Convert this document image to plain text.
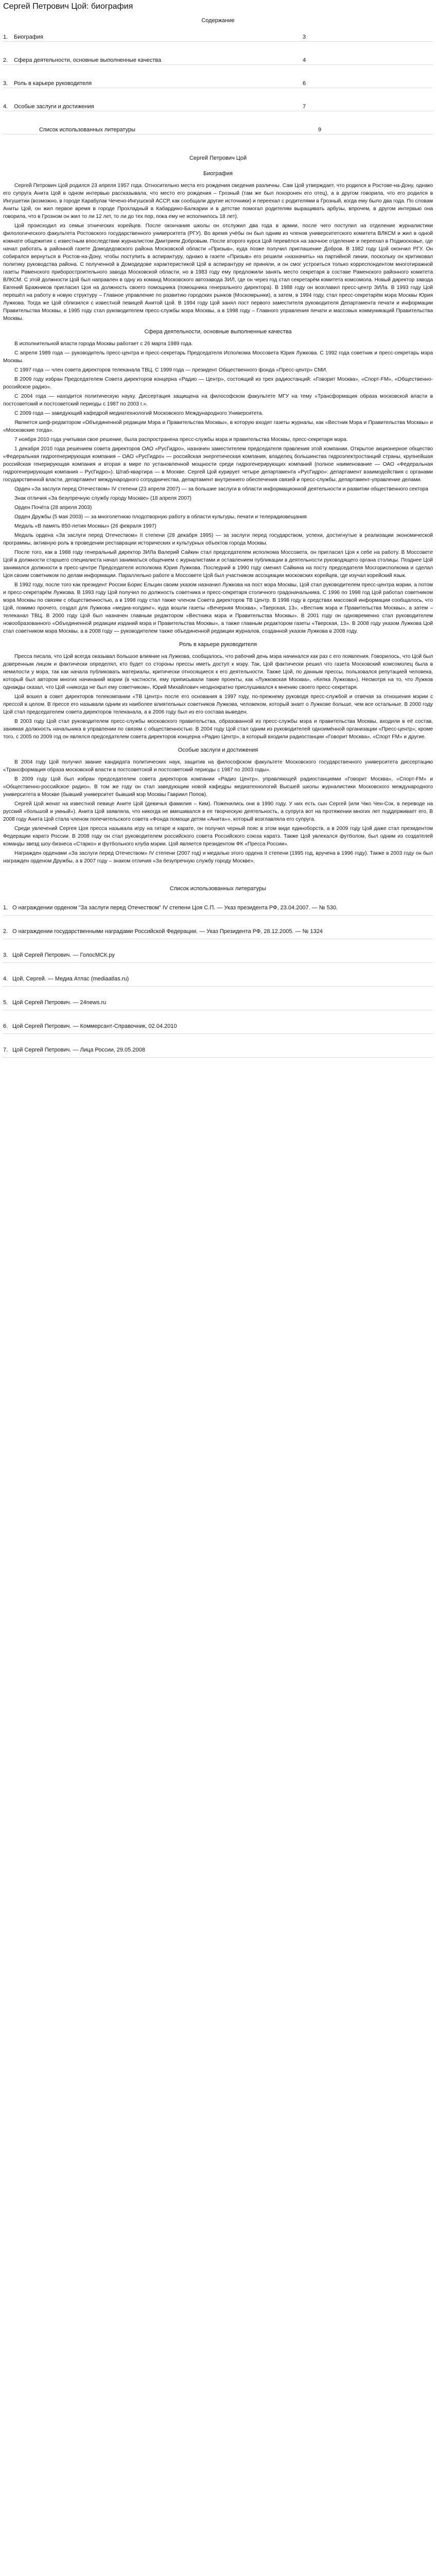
Сергей Петрович Цой: биография
Содержание
1. Биография	3
2. Сфера деятельности, основные выполненные качества	4
3. Роль в карьере руководителя	6
4. Особые заслуги и достижения	7
Список использованных литературы	9
Сергей Петрович Цой
Биография

Сергей Петрович Цой родился 23 апреля 1957 года. Относительно места его рождения сведения различны. Сам Цой утверждает, что родился в Ростове-на-Дону, однако его супруга Анита Цой в одном интервью рассказывала, что место его рождения – Грозный (там же был похоронен его отец), а в другом говорила, что его родился в Ингушетии (возможно, в городе Карабулак Чечено-Ингушской АССР, как сообщали другие источники) и переехал с родителями в Грозный, когда ему было два года. По словам Аниты Цой, он жил первое время в городе Прохладный в Кабардино-Балкарии и в детстве помогал родителям выращивать арбузы, впрочем, в другом интервью она говорила, что в Грозном он жил то ли 12 лет, то ли до тех пор, пока ему не исполнилось 18 лет).

Цой происходил из семьи этнических корейцев. После окончания школы он отслужил два года в армии, после чего поступил на отделение журналистики филологического факультета Ростовского государственного университета (РГУ). Во время учёбы он был одним из членов университетского комитета ВЛКСМ и жил в одной комнате общежития с известным впоследствии журналистом Дмитрием Добровым. После второго курса Цой перевёлся на заочное отделение и переехал в Подмосковье, где начал работать в районной газете Домодедовского района Московской области «Призыв», куда позже получил приглашение Добров. В 1982 году Цой окончил РГУ. Он собирался вернуться в Ростов-на-Дону, чтобы поступить в аспирантуру, однако в газете «Призыв» его решили «назначить» на партийной линии, поскольку он критиковал политику руководства района. С полученной в Домодедове характеристикой Цой в аспирантуру не приняли, и он смог устроиться только корреспондентом многотиражной газеты Раменского приборостроительного завода Московской области, но в 1983 году ему предложили занять место секретаря в составе Раменского районного комитета ВЛКСМ. С этой должности Цой был направлен в одну из команд Московского автозавода ЗИЛ, где он через год стал секретарём комитета комсомола. Новый директор завода Евгений Бражников пригласил Цоя на должность своего помощника (помощника генерального директора). В 1988 году он возглавил пресс-центр ЗИЛа. В 1993 году Цой перешёл на работу в новую структуру – Главное управление по развитию городских рынков (Москомрынки), а затем, в 1994 году, стал пресс-секретарём мэра Москвы Юрия Лужкова. Тогда же Цой сблизился с известной певицей Анитой Цой. В 1994 году Цой занял пост первого заместителя руководителя Департамента печати и информации Правительства Москвы, в 1995 году стал руководителем пресс-службы мэра Москвы, а в 1998 году – Главного управления печати и массовых коммуникаций Правительства Москвы.

Сфера деятельности, основные выполненные качества

В исполнительной власти города Москвы работает с 26 марта 1989 года.

С апреля 1989 года — руководитель пресс-центра и пресс-секретарь Председателя Исполкома Моссовета Юрия Лужкова. С 1992 года советник и пресс-секретарь мэра Москвы.

С 1997 года — член совета директоров телеканала ТВЦ. С 1999 года — президент Общественного фонда «Пресс-центр» СМИ.

В 2009 году избран Председателем Совета директоров концерна «Радио — Центр», состоящий из трех радиостанций: «Говорит Москва», «Спорт-FM», «Общественно-российское радио».

С 2004 года — находится политическую науку. Диссертация защищена на философском факультете МГУ на тему «Трансформация образа московской власти в постсоветский и постсоветский периоды с 1987 по 2003 г.».

С 2009 года — заведующий кафедрой медиатехнологий Московского Международного Университета.

Является шеф-редактором «Объединенной редакции Мэра и Правительства Москвы», в которую входят газеты журналы, как «Вестник Мэра и Правительства Москвы» и «Московские тогда».

7 ноября 2010 года учитывая свое решение, была распространена пресс-службы мэра и правительства Москвы, пресс-секретаря мэра.

1 декабря 2010 года решением совета директоров ОАО «РусГидро», назначен заместителем председателя правления этой компании. Открытое акционерное общество «Федеральная гидрогенерирующая компания – ОАО «РусГидро» — российская энергетическая компания, владелец большинства гидроэлектростанций страны, крупнейшая российская генерирующая компания и вторая в мире по установленной мощности среди гидрогенерирующих компаний (полное наименование — ОАО «Федеральная гидрогенерирующая компания – РусГидро»). Штаб-квартира — в Москве. Сергей Цой курирует четыре департамента «РусГидро»: департамент взаимодействия с органами государственной власти, департамент международного сотрудничества, департамент внутреннего обеспечения связей и пресс-службы, департамент-управление делами.

Орден «За заслуги перед Отечеством» IV степени (23 апреля 2007) — за большие заслуги в области информационной деятельности и развитии общественного сектора

Знак отличия «За безупречную службу городу Москве» (18 апреля 2007)

Орден Почёта (28 апреля 2003)

Орден Дружбы (5 мая 2003) — за многолетнюю плодотворную работу в области культуры, печати и телерадиовещания

Медаль «В память 850-летия Москвы» (26 февраля 1997)

Медаль ордена «За заслуги перед Отечеством» II степени (28 декабря 1995) — за заслуги перед государством, успехи, достигнутые в реализации экономической программы, активную роль в проведении реставрации исторических и культурных объектов города Москвы.

После того, как в 1988 году генеральный директор ЗИЛа Валерий Сайкин стал председателем исполкома Моссовета, он пригласил Цоя к себе на работу. В Моссовете Цой в должности старшего специалиста начал заниматься общением с журналистами и оставлением публикации в деятельности руководящего органа столицы. Позднее Цой занимался должности в пресс-центре Председателя исполкома Юрия Лужкова. Последний в 1990 году сменил Сайкина на посту председателя Мосгорисполкома и сделал Цоя своим советником по делам информации. Параллельно работе в Моссовете Цой был участником ассоциации московских корейцев, где изучал корейский язык.

В 1992 году, после того как президент России Борис Ельцин своим указом назначил Лужкова на пост мэра Москвы, Цой стал руководителем пресс-центра мэрии, а потом и пресс-секретарём Лужкова. В 1993 году Цой получил по должность советника и пресс-секретаря столичного градоначальника. С 1996 по 1998 год Цой работал советником мэра Москвы по связям с общественностью, а в 1998 году стал также членом Совета директоров ТВ Центр. В 1998 году в средствах массовой информации сообщалось, что Цой, помимо прочего, создал для Лужкова «медиа-холдинг», куда вошли газеты «Вечерняя Москва», «Тверская, 13», «Вестник мэра и Правительства Москвы», а затем – телеканал ТВЦ. В 2000 году Цой был назначен главным редактором «Вестника мэра и Правительства Москвы». В 2001 году он одновременно стал руководителем новообразованного «Объединенной редакции изданий мэра и Правительства Москвы», а также главным редактором газеты «Тверская, 13». В 2008 году указом Лужкова Цой стал советником мэра Москвы, а в 2008 году — руководителем также объединенной редакции журналов, созданной указом Лужкова в 2008 году.

Роль в карьере руководителя

Пресса писала, что Цой всегда оказывал большое влияние на Лужкова, сообщалось, что рабочий день мэра начинался как раз с его появления. Говорилось, что Цой был доверенным лицом и фактически определял, кто будет со стороны прессы иметь доступ к мэру. Так, Цой фактически решил что газета Московский комсомолец была в немилости у мэра, так как начала публиковать материалы, критически относящиеся к его деятельности. Также Цой, по данным прессы, пользовался репутацией человека, который был автором многих начинаний мэрии (в частности, ему приписывали такие проекты, как «Лужковская Москва», «Кепка Лужкова»). Несмотря на то, что Лужков однажды сказал, что Цой «никогда не был ему советчиком», Юрий Михайлович неоднократно прислушивался к мнению своего пресс-секретаря.

Цой вошел в совет директоров телекомпании «ТВ Центр» после его основания в 1997 году, по-прежнему руководя пресс-службой и отвечая за отношения мэрии с прессой в целом. В прессе его называли одним из наиболее влиятельных советников Лужкова, человеком, который знает о Лужкове больше, чем все остальные. В 2000 году Цой стал председателем совета директоров телеканала, а в 2006 году был из его состава выведен.

В 2003 году Цой стал руководителем пресс-службы московского правительства, образованной из пресс-службы мэра и правительства Москвы, входили в её состав, занимая должность начальника в управлении по связям с общественностью. В 2004 году Цой стал одним из руководителей одноимённой организации «Пресс-центр»; кроме того, с 2005 по 2009 год он являлся председателем совета директоров концерна «Радио Центр», в который входили радиостанции «Говорит Москва», «Спорт FM» и другие.

Особые заслуги и достижения

В 2004 году Цой получил звание кандидата политических наук, защитив на философском факультете Московского государственного университета диссертацию «Трансформация образа московской власти в постсоветской и постсоветский периоды с 1987 по 2003 годы».

В 2009 году Цой был избран председателем совета директоров компании «Радио Центр», управляющей радиостанциями «Говорит Москва», «Спорт-FM» и «Общественно-российское радио». В том же году он стал заведующим новой кафедры медиатехнологий Высшей школы журналистики Московского международного университета в Москве (бывший университет бывший мэр Москвы Гавриил Попов).

Сергей Цой женат на известной певице Аните Цой (девичья фамилия – Ким). Поженились они в 1990 году. У них есть сын Сергей (или Чжо Чен-Сок, в переводе на русский «большой и умный»). Анита Цой заявляла, что никогда не вмешивался в ее творческую деятельность, а супруга вот на протяжении многих лет поддерживает его. В 2008 году Анита Цой стала членом попечительского совета «Фонда помощи детям «Анита»», который возглавляла его супруга.

Среди увлечений Сергея Цоя пресса называла игру на гитаре и карате, он получил черный пояс в этом виде единоборств, а в 2009 году Цой даже стал президентом Федерации каратэ России. В 2008 году он стал руководителем российского совета Российского союза каратэ. Также Цой увлекался футболом, был одним из создателей команды звезд шоу-бизнеса «Старко» и футбольного клуба мэрии. Цой является президентом ФК «Пресса России».

Награжден орденами «За заслуги перед Отечеством» IV степени (2007 год) и медалью этого ордена II степени (1995 год, вручена в 1996 году). Также в 2003 году он был награжден орденом Дружбы, а в 2007 году – знаком отличия «За безупречную службу городу Москве».

Список использованных литературы
1. О награждении орденом "За заслуги перед Отечеством" IV степени Цоя С.П. — Указ президента РФ, 23.04.2007. — № 530.
2. О награждении государственными наградами Российской Федерации. — Указ Президента РФ, 28.12.2005. — № 1324
3. Цой Сергей Петрович. — ГолосМСК.ру
4. Цой, Сергей. — Медиа Атлас (mediaatlas.ru)
5. Цой Сергей Петрович. — 24news.ru
6. Цой Сергей Петрович. — Коммерсант-Справочник, 02.04.2010
7. Цой Сергей Петрович. — Лица России, 29.05.2008
